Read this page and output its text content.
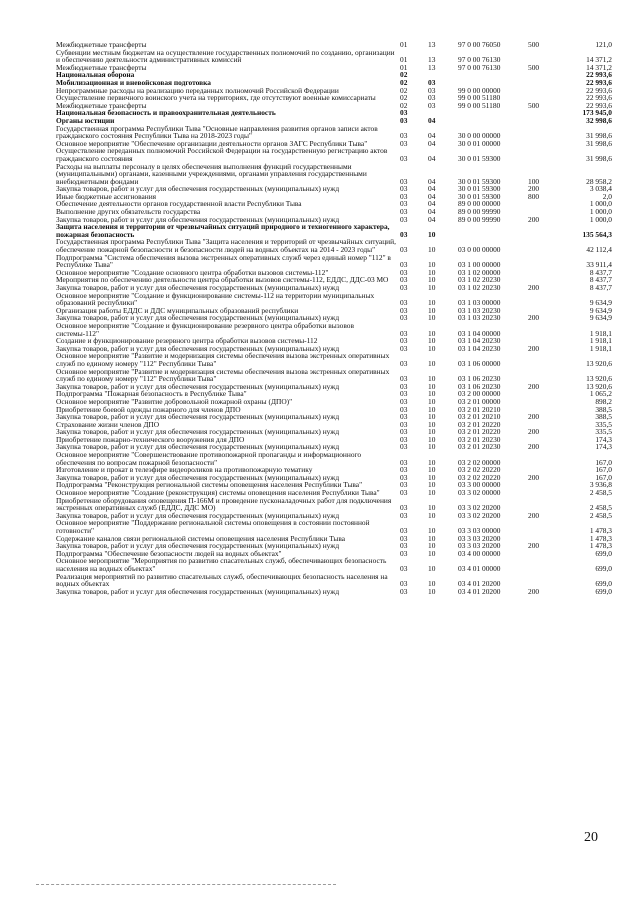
Межбюджетные трансферты	01	13	97 0 00 76050	500	121,0
Субвенции местным бюджетам на осуществление государственных полномочий по созданию, организации и обеспечению деятельности административных комиссий	01	13	97 0 00 76130		14 371,2
Межбюджетные трансферты	01	13	97 0 00 76130	500	14 371,2
Национальная оборона	02				22 993,6
Мобилизационная и вневойсковая подготовка	02	03			22 993,6
Непрограммные расходы на реализацию переданных полномочий Российской Федерации	02	03	99 0 00 00000		22 993,6
Осуществление первичного воинского учета на территориях, где отсутствуют военные комиссариаты	02	03	99 0 00 51180		22 993,6
Межбюджетные трансферты	02	03	99 0 00 51180	500	22 993,6
Национальная безопасность и правоохранительная деятельность	03				173 945,0
Органы юстиции	03	04			32 998,6
Государственная программа Республики Тыва "Основные направления развития органов записи актов гражданского состояния Республики Тыва на 2018-2023 годы"	03	04	30 0 00 00000		31 998,6
Основное мероприятие "Обеспечение организации деятельности органов ЗАГС Республики Тыва"	03	04	30 0 01 00000		31 998,6
Осуществление переданных полномочий Российской Федерации на государственную регистрацию актов гражданского состояния	03	04	30 0 01 59300		31 998,6
Расходы на выплаты персоналу в целях обеспечения выполнения функций государственными (муниципальными) органами, казенными учреждениями, органами управления государственными внебюджетными фондами	03	04	30 0 01 59300	100	28 958,2
Закупка товаров, работ и услуг для обеспечения государственных (муниципальных) нужд	03	04	30 0 01 59300	200	3 038,4
Иные бюджетные ассигнования	03	04	30 0 01 59300	800	2,0
Обеспечение деятельности органов государственной власти Республики Тыва	03	04	89 0 00 00000		1 000,0
Выполнение других обязательств государства	03	04	89 0 00 99990		1 000,0
Закупка товаров, работ и услуг для обеспечения государственных (муниципальных) нужд	03	04	89 0 00 99990	200	1 000,0
Защита населения и территории от чрезвычайных ситуаций природного и техногенного характера, пожарная безопасность	03	10			135 564,3
Государственная программа Республики Тыва "Защита населения и территорий от чрезвычайных ситуаций, обеспечение пожарной безопасности и безопасности людей на водных объектах на 2014 - 2023 годы"	03	10	03 0 00 00000		42 112,4
Подпрограмма "Система обеспечения вызова экстренных оперативных служб через единый номер "112" в Республике Тыва"	03	10	03 1 00 00000		33 911,4
Основное мероприятие "Создание основного центра обработки вызовов системы-112"	03	10	03 1 02 00000		8 437,7
Мероприятия по обеспечению деятельности центра обработки вызовов системы-112, ЕДДС, ДДС-03 МО	03	10	03 1 02 20230		8 437,7
Закупка товаров, работ и услуг для обеспечения государственных (муниципальных) нужд	03	10	03 1 02 20230	200	8 437,7
Основное мероприятие "Создание и функционирование системы-112 на территории муниципальных образований республики"	03	10	03 1 03 00000		9 634,9
Организация работы ЕДДС и ДДС муниципальных образований республики	03	10	03 1 03 20230		9 634,9
Закупка товаров, работ и услуг для обеспечения государственных (муниципальных) нужд	03	10	03 1 03 20230	200	9 634,9
Основное мероприятие "Создание и функционирование резервного центра обработки вызовов системы-112"	03	10	03 1 04 00000		1 918,1
Создание и функционирование резервного центра обработки вызовов системы-112	03	10	03 1 04 20230		1 918,1
Закупка товаров, работ и услуг для обеспечения государственных (муниципальных) нужд	03	10	03 1 04 20230	200	1 918,1
Основное мероприятие "Развитие и модернизация системы обеспечения вызова экстренных оперативных служб по единому номеру "112" Республики Тыва"	03	10	03 1 06 00000		13 920,6
Основное мероприятие "Развитие и модернизация системы обеспечения вызова экстренных оперативных служб по единому номеру "112" Республики Тыва"	03	10	03 1 06 20230		13 920,6
Закупка товаров, работ и услуг для обеспечения государственных (муниципальных) нужд	03	10	03 1 06 20230	200	13 920,6
Подпрограмма "Пожарная безопасность в Республике Тыва"	03	10	03 2 00 00000		1 065,2
Основное мероприятие "Развитие добровольной пожарной охраны (ДПО)"	03	10	03 2 01 00000		898,2
Приобретение боевой одежды пожарного для членов ДПО	03	10	03 2 01 20210		388,5
Закупка товаров, работ и услуг для обеспечения государственных (муниципальных) нужд	03	10	03 2 01 20210	200	388,5
Страхование жизни членов ДПО	03	10	03 2 01 20220		335,5
Закупка товаров, работ и услуг для обеспечения государственных (муниципальных) нужд	03	10	03 2 01 20220	200	335,5
Приобретение пожарно-технического вооружения для ДПО	03	10	03 2 01 20230		174,3
Закупка товаров, работ и услуг для обеспечения государственных (муниципальных) нужд	03	10	03 2 01 20230	200	174,3
Основное мероприятие "Совершенствование противопожарной пропаганды и информационного обеспечения по вопросам пожарной безопасности"	03	10	03 2 02 00000		167,0
Изготовление и прокат в телеэфире видеороликов на противопожарную тематику	03	10	03 2 02 20220		167,0
Закупка товаров, работ и услуг для обеспечения государственных (муниципальных) нужд	03	10	03 2 02 20220	200	167,0
Подпрограмма "Реконструкция региональной системы оповещения населения Республики Тыва"	03	10	03 3 00 00000		3 936,8
Основное мероприятие "Создание (реконструкция) системы оповещения населения Республики Тыва"	03	10	03 3 02 00000		2 458,5
Приобретение оборудования оповещения П-166М и проведение пусконаладочных работ для подключения экстренных оперативных служб (ЕДДС, ДДС МО)	03	10	03 3 02 20200		2 458,5
Закупка товаров, работ и услуг для обеспечения государственных (муниципальных) нужд	03	10	03 3 02 20200	200	2 458,5
Основное мероприятие "Поддержание региональной системы оповещения в состоянии постоянной готовности"	03	10	03 3 03 00000		1 478,3
Содержание каналов связи региональной системы оповещения населения Республики Тыва	03	10	03 3 03 20200		1 478,3
Закупка товаров, работ и услуг для обеспечения государственных (муниципальных) нужд	03	10	03 3 03 20200	200	1 478,3
Подпрограмма "Обеспечение безопасности людей на водных объектах"	03	10	03 4 00 00000		699,0
Основное мероприятие "Мероприятия по развитию спасательных служб, обеспечивающих безопасность населения на водных объектах"	03	10	03 4 01 00000		699,0
Реализация мероприятий по развитию спасательных служб, обеспечивающих безопасность населения на водных объектах	03	10	03 4 01 20200		699,0
Закупка товаров, работ и услуг для обеспечения государственных (муниципальных) нужд	03	10	03 4 01 20200	200	699,0
20
